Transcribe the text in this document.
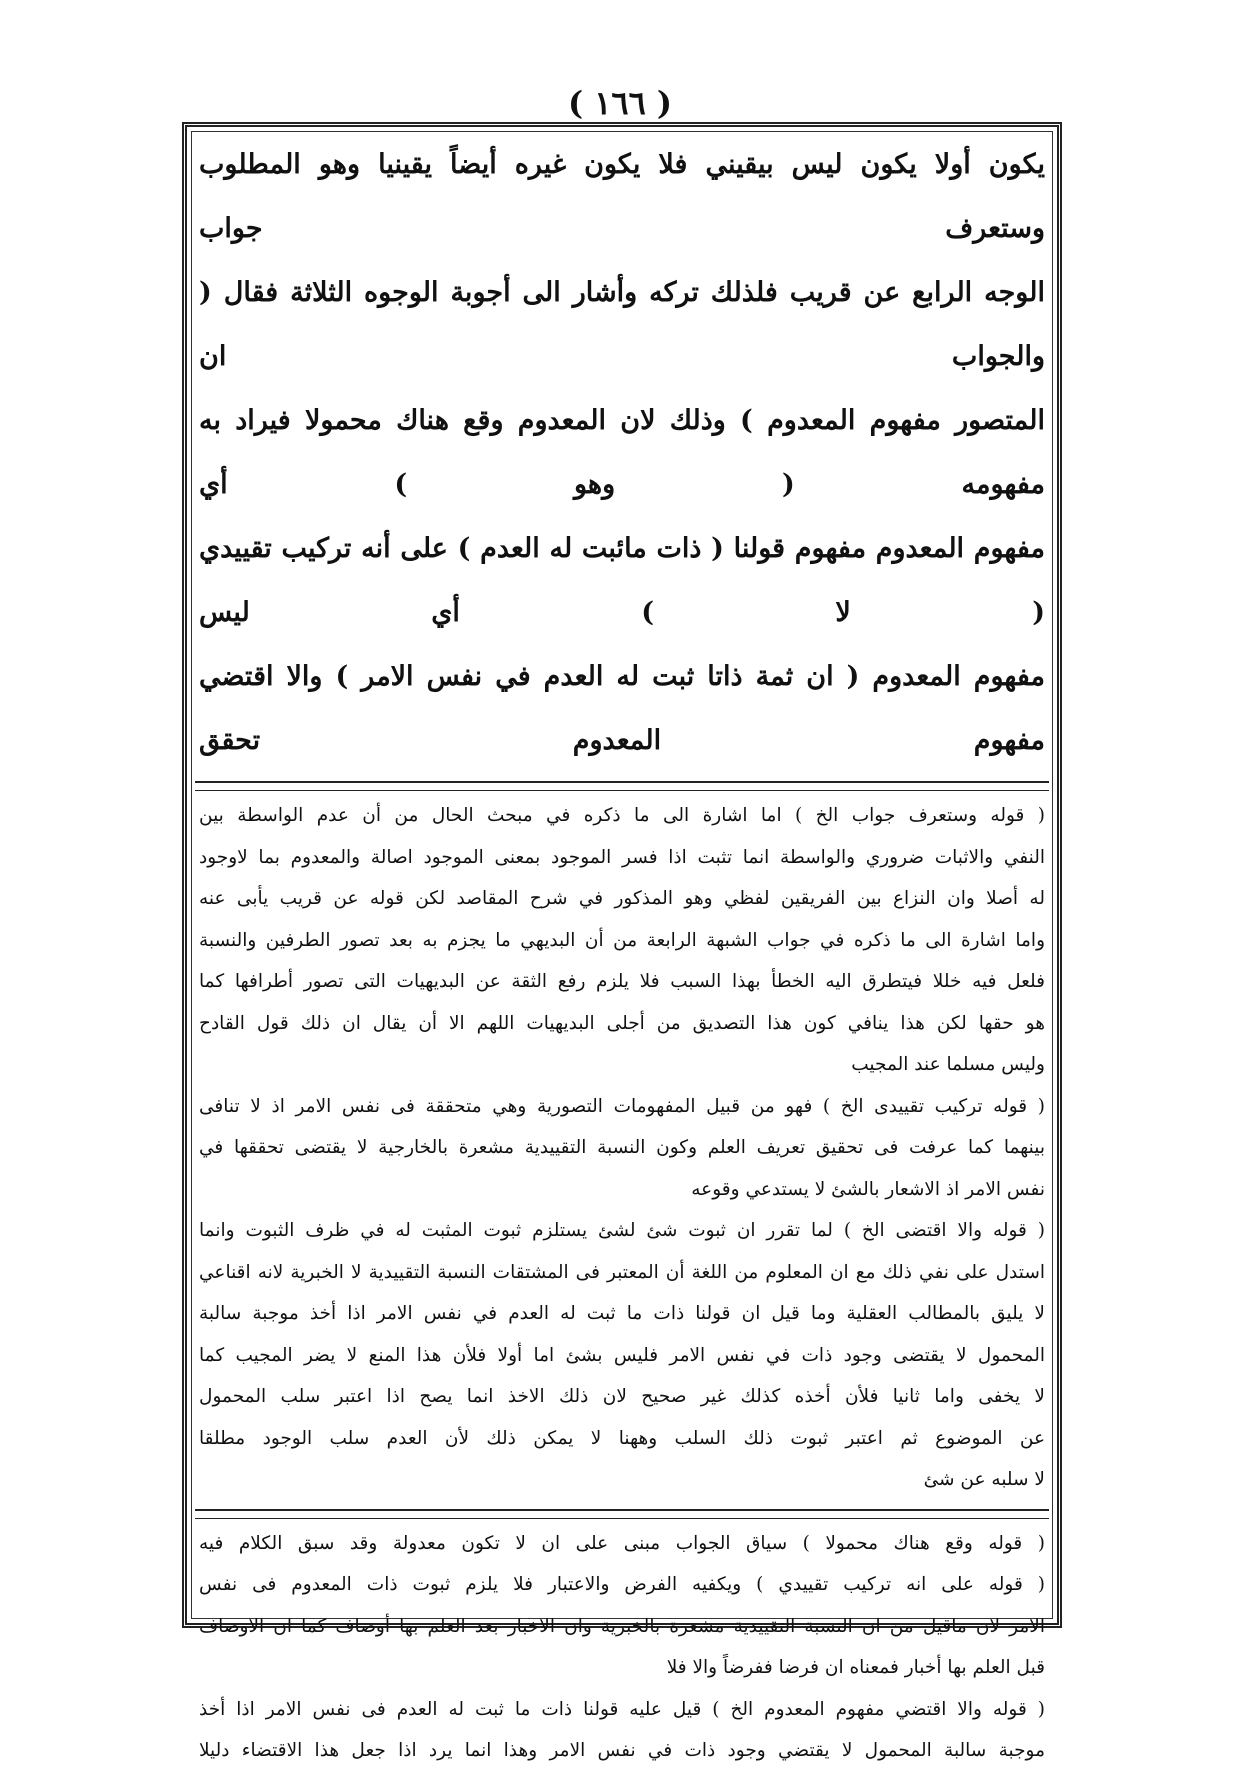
( ١٦٦ )

يكون أولا يكون ليس بيقيني فلا يكون غيره أيضاً يقينيا وهو المطلوب وستعرف جواب

الوجه الرابع عن قريب فلذلك تركه وأشار الى أجوبة الوجوه الثلاثة فقال ( والجواب ان

المتصور مفهوم المعدوم ) وذلك لان المعدوم وقع هناك محمولا فيراد به مفهومه ( وهو ) أي

مفهوم المعدوم مفهوم قولنا ( ذات مائبت له العدم ) على أنه تركيب تقييدي ( لا ) أي ليس

مفهوم المعدوم ( ان ثمة ذاتا ثبت له العدم في نفس الامر ) والا اقتضي مفهوم المعدوم تحقق

( قوله وستعرف جواب الخ ) اما اشارة الى ما ذكره في مبحث الحال من أن عدم الواسطة بين
النفي والاثبات ضروري والواسطة انما تثبت اذا فسر الموجود بمعنى الموجود اصالة والمعدوم بما لاوجود
له أصلا وان النزاع بين الفريقين لفظي وهو المذكور في شرح المقاصد لكن قوله عن قريب يأبى عنه
واما اشارة الى ما ذكره في جواب الشبهة الرابعة من أن البديهي ما يجزم به بعد تصور الطرفين والنسبة
فلعل فيه خللا فيتطرق اليه الخطأ بهذا السبب فلا يلزم رفع الثقة عن البديهيات التى تصور أطرافها كما
هو حقها لكن هذا ينافي كون هذا التصديق من أجلى البديهيات اللهم الا أن يقال ان ذلك قول القادح
وليس مسلما عند المجيب
( قوله تركيب تقييدى الخ ) فهو من قبيل المفهومات التصورية وهي متحققة فى نفس الامر اذ لا تنافى
بينهما كما عرفت فى تحقيق تعريف العلم وكون النسبة التقييدية مشعرة بالخارجية لا يقتضى تحققها في
نفس الامر اذ الاشعار بالشئ لا يستدعي وقوعه
( قوله والا اقتضى الخ ) لما تقرر ان ثبوت شئ لشئ يستلزم ثبوت المثبت له في ظرف الثبوت وانما
استدل على نفي ذلك مع ان المعلوم من اللغة أن المعتبر فى المشتقات النسبة التقييدية لا الخبرية لانه اقناعي
لا يليق بالمطالب العقلية وما قيل ان قولنا ذات ما ثبت له العدم في نفس الامر اذا أخذ موجبة سالبة
المحمول لا يقتضى وجود ذات في نفس الامر فليس بشئ اما أولا فلأن هذا المنع لا يضر المجيب كما
لا يخفى واما ثانيا فلأن أخذه كذلك غير صحيح لان ذلك الاخذ انما يصح اذا اعتبر سلب المحمول
عن الموضوع ثم اعتبر ثبوت ذلك السلب وههنا لا يمكن ذلك لأن العدم سلب الوجود مطلقا
لا سلبه عن شئ
( قوله وقع هناك محمولا ) سياق الجواب مبنى على ان لا تكون معدولة وقد سبق الكلام فيه
( قوله على انه تركيب تقييدي ) ويكفيه الفرض والاعتبار فلا يلزم ثبوت ذات المعدوم فى نفس
الامر لان ماقيل من ان النسبة التقييدية مشعرة بالخبرية وان الاخبار بعد العلم بها أوصاف كما ان الاوصاف
قبل العلم بها أخبار فمعناه ان فرضا ففرضاً والا فلا
( قوله والا اقتضي مفهوم المعدوم الخ ) قيل عليه قولنا ذات ما ثبت له العدم فى نفس الامر اذا أخذ
موجبة سالبة المحمول لا يقتضي وجود ذات في نفس الامر وهذا انما يرد اذا جعل هذا الاقتضاء دليلا
